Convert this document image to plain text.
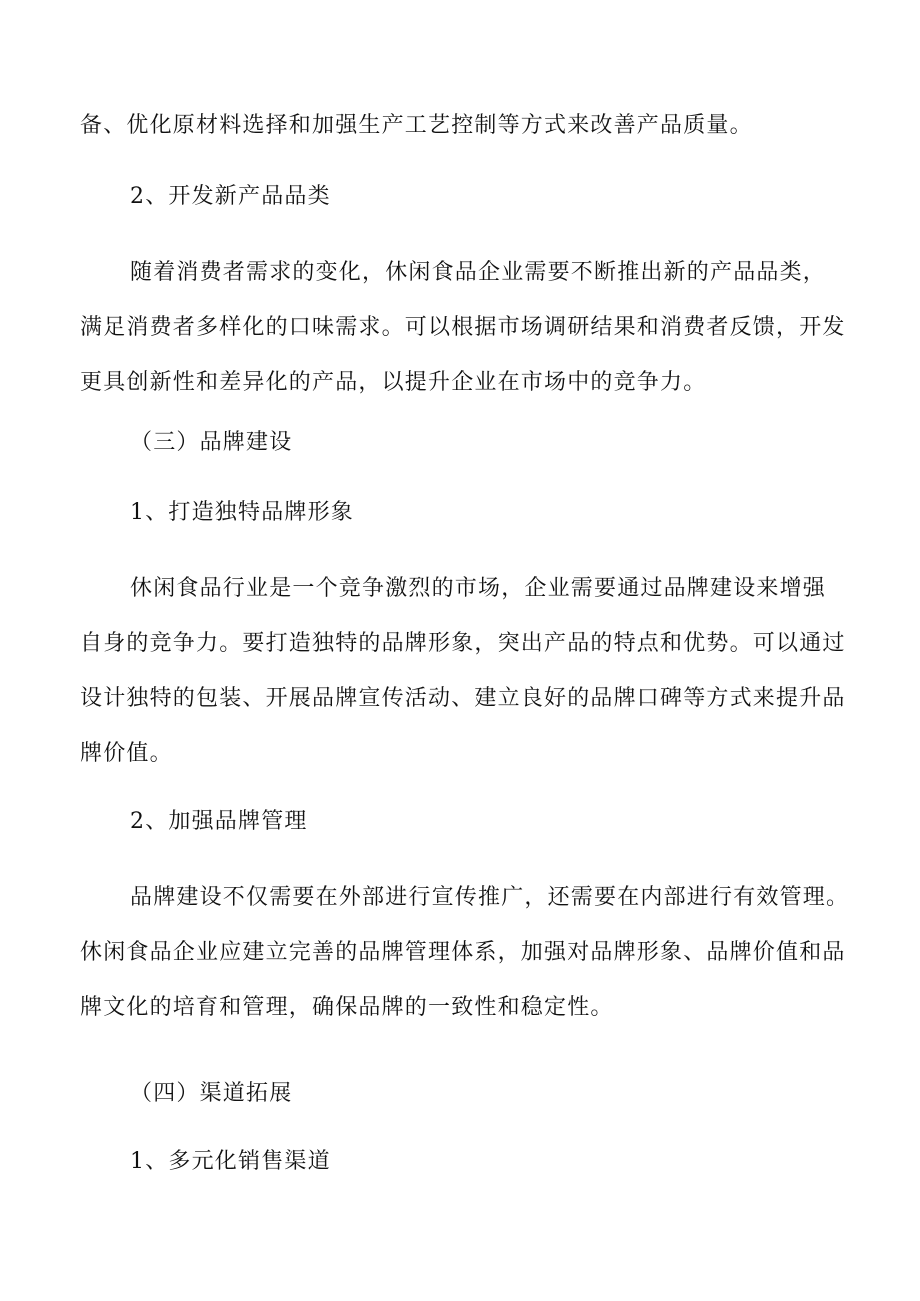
备、优化原材料选择和加强生产工艺控制等方式来改善产品质量。
2、开发新产品品类
随着消费者需求的变化，休闲食品企业需要不断推出新的产品品类，
满足消费者多样化的口味需求。可以根据市场调研结果和消费者反馈，开发
更具创新性和差异化的产品，以提升企业在市场中的竞争力。
（三）品牌建设
1、打造独特品牌形象
休闲食品行业是一个竞争激烈的市场，企业需要通过品牌建设来增强
自身的竞争力。要打造独特的品牌形象，突出产品的特点和优势。可以通过
设计独特的包装、开展品牌宣传活动、建立良好的品牌口碑等方式来提升品
牌价值。
2、加强品牌管理
品牌建设不仅需要在外部进行宣传推广，还需要在内部进行有效管理。
休闲食品企业应建立完善的品牌管理体系，加强对品牌形象、品牌价值和品
牌文化的培育和管理，确保品牌的一致性和稳定性。
（四）渠道拓展
1、多元化销售渠道
